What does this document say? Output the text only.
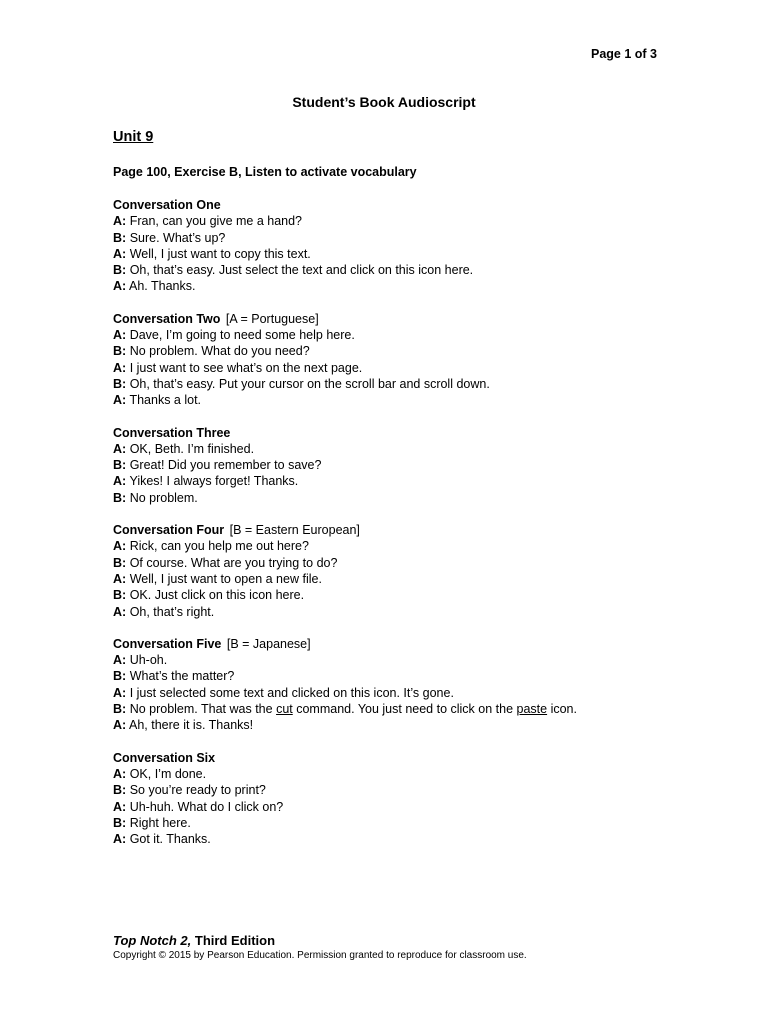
Page 1 of 3
Student’s Book Audioscript
Unit 9
Page 100, Exercise B, Listen to activate vocabulary
Conversation One
A: Fran, can you give me a hand?
B: Sure. What’s up?
A: Well, I just want to copy this text.
B: Oh, that’s easy. Just select the text and click on this icon here.
A: Ah. Thanks.
Conversation Two [A = Portuguese]
A: Dave, I’m going to need some help here.
B: No problem. What do you need?
A: I just want to see what’s on the next page.
B: Oh, that’s easy. Put your cursor on the scroll bar and scroll down.
A: Thanks a lot.
Conversation Three
A: OK, Beth. I’m finished.
B: Great! Did you remember to save?
A: Yikes! I always forget! Thanks.
B: No problem.
Conversation Four [B = Eastern European]
A: Rick, can you help me out here?
B: Of course. What are you trying to do?
A: Well, I just want to open a new file.
B: OK. Just click on this icon here.
A: Oh, that’s right.
Conversation Five [B = Japanese]
A: Uh-oh.
B: What’s the matter?
A: I just selected some text and clicked on this icon. It’s gone.
B: No problem. That was the cut command. You just need to click on the paste icon.
A: Ah, there it is. Thanks!
Conversation Six
A: OK, I’m done.
B: So you’re ready to print?
A: Uh-huh. What do I click on?
B: Right here.
A: Got it. Thanks.
Top Notch 2, Third Edition
Copyright © 2015 by Pearson Education. Permission granted to reproduce for classroom use.
